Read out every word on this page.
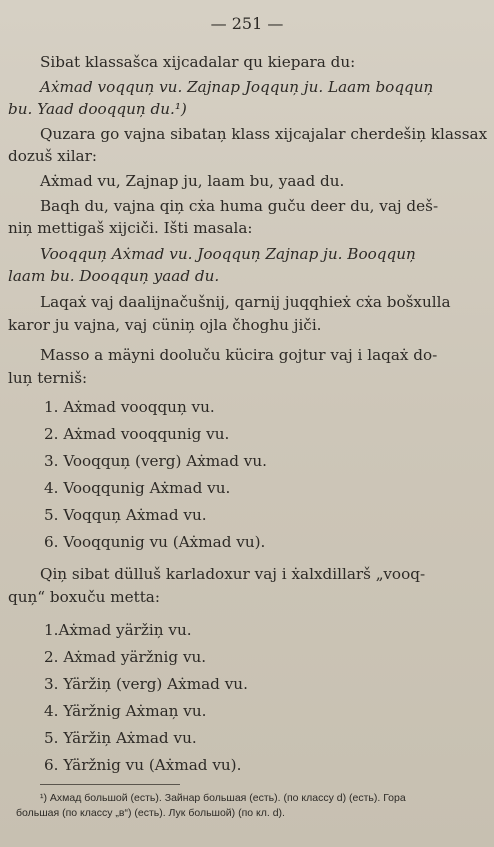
— 251 —
Sibat klassašca xijcadalar qu kiepara du:
Aẋmad voqquņ vu. Zajnap Joqquņ ju. Laam boqquņ
bu. Yaad dooqquņ du.¹)
Quzara go vajna sibataņ klass xijcajalar cherdešiņ klassax
dozuš xilar:
Aẋmad vu, Zajnap ju, laam bu, yaad du.
Baqh du, vajna qiņ cẋa huma guču deer du, vaj deš-
niņ mettigaš xijciči. Išti masala:
Vooqquņ Aẋmad vu. Jooqquņ Zajnap ju. Booqquņ
laam bu. Dooqquņ yaad du.
Laqaẋ vaj daalijnačušnij, qarnij juqqhieẋ cẋa bošxulla
karor ju vajna, vaj cüniņ ojla čhoghu jiči.
Masso a mäyni dooluču kücira gojtur vaj i laqaẋ do-
luņ terniš:
1. Aẋmad vooqquņ vu.
2. Aẋmad vooqqunig vu.
3. Vooqquņ (verg) Aẋmad vu.
4. Vooqqunig Aẋmad vu.
5. Voqquņ Aẋmad vu.
6. Vooqqunig vu (Aẋmad vu).
Qiņ sibat dülluš karladoxur vaj i ẋalxdillarš „vooq-
quņ“ boxuču metta:
1.Aẋmad yäržiņ vu.
2. Aẋmad yäržnig vu.
3. Yäržiņ (verg) Aẋmad vu.
4. Yäržnig Aẋmaņ vu.
5. Yäržiņ Aẋmad vu.
6. Yäržnig vu (Aẋmad vu).
¹) Ахмад большой (есть). Зайнар большая (есть). (по классу d) (есть). Гора
большая (по классу „в“) (есть). Лук большой) (по кл. d).
